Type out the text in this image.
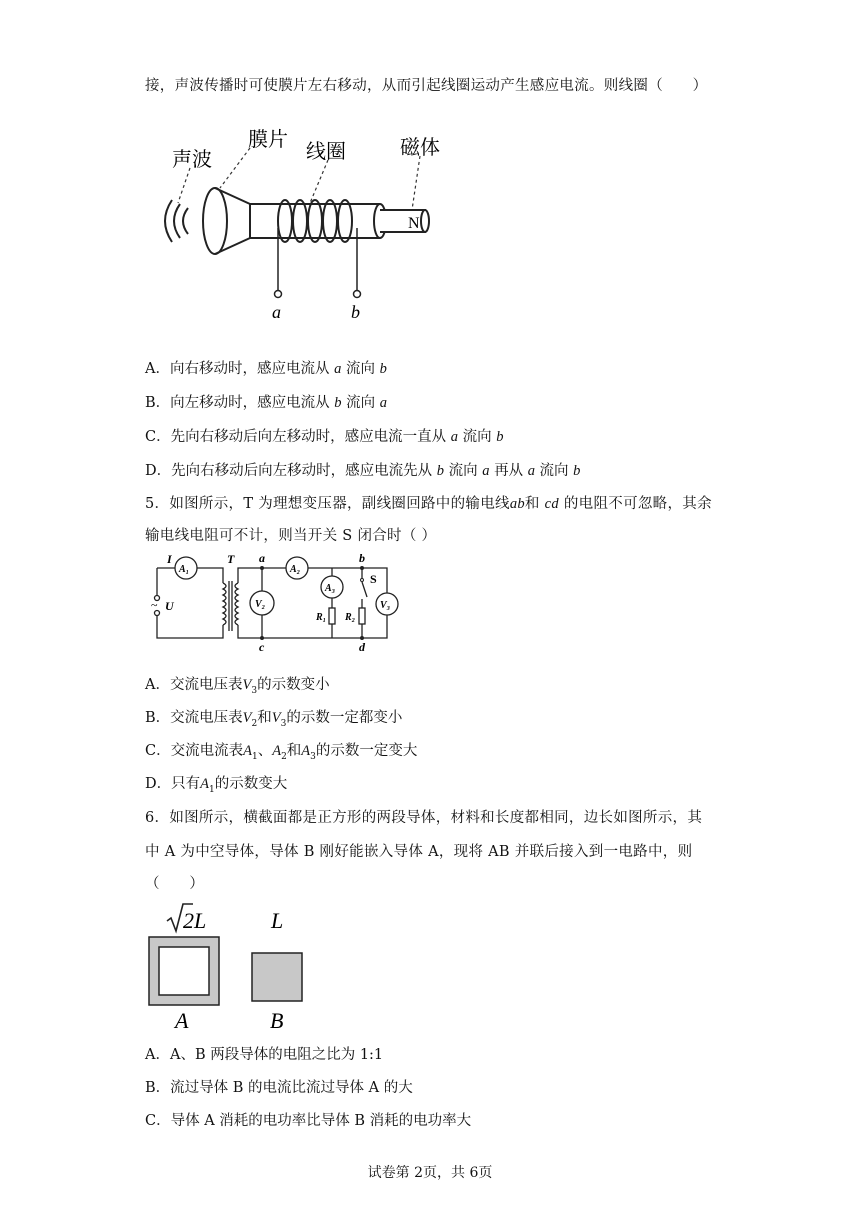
接，声波传播时可使膜片左右移动，从而引起线圈运动产生感应电流。则线圈（　　）
N
a	b
声波
膜片
线圈	磁体
A．向右移动时，感应电流从 a 流向 b
B．向左移动时，感应电流从 b 流向 a
C．先向右移动后向左移动时，感应电流一直从 a 流向 b
D．先向右移动后向左移动时，感应电流先从 b 流向 a 再从 a 流向 b
5．如图所示，T 为理想变压器，副线圈回路中的输电线ab和 cd 的电阻不可忽略，其余
输电线电阻可不计，则当开关 S 闭合时（ ）
A₁	A₂
A₃
V₂	V₃
R₁ R₂
I	T a	b
c	d
U
S
~
A．交流电压表$V_3$的示数变小
B．交流电压表$V_2$和$V_3$的示数一定都变小
C．交流电流表$A_1$、$A_2$和$A_3$的示数一定变大
D．只有$A_1$的示数变大
6．如图所示，横截面都是正方形的两段导体，材料和长度都相同，边长如图所示，其
中 A 为中空导体，导体 B 刚好能嵌入导体 A，现将 AB 并联后接入到一电路中，则
（　　）
2L	L
A	B
A．A、B 两段导体的电阻之比为 1:1
B．流过导体 B 的电流比流过导体 A 的大
C．导体 A 消耗的电功率比导体 B 消耗的电功率大
试卷第 2页，共 6页
